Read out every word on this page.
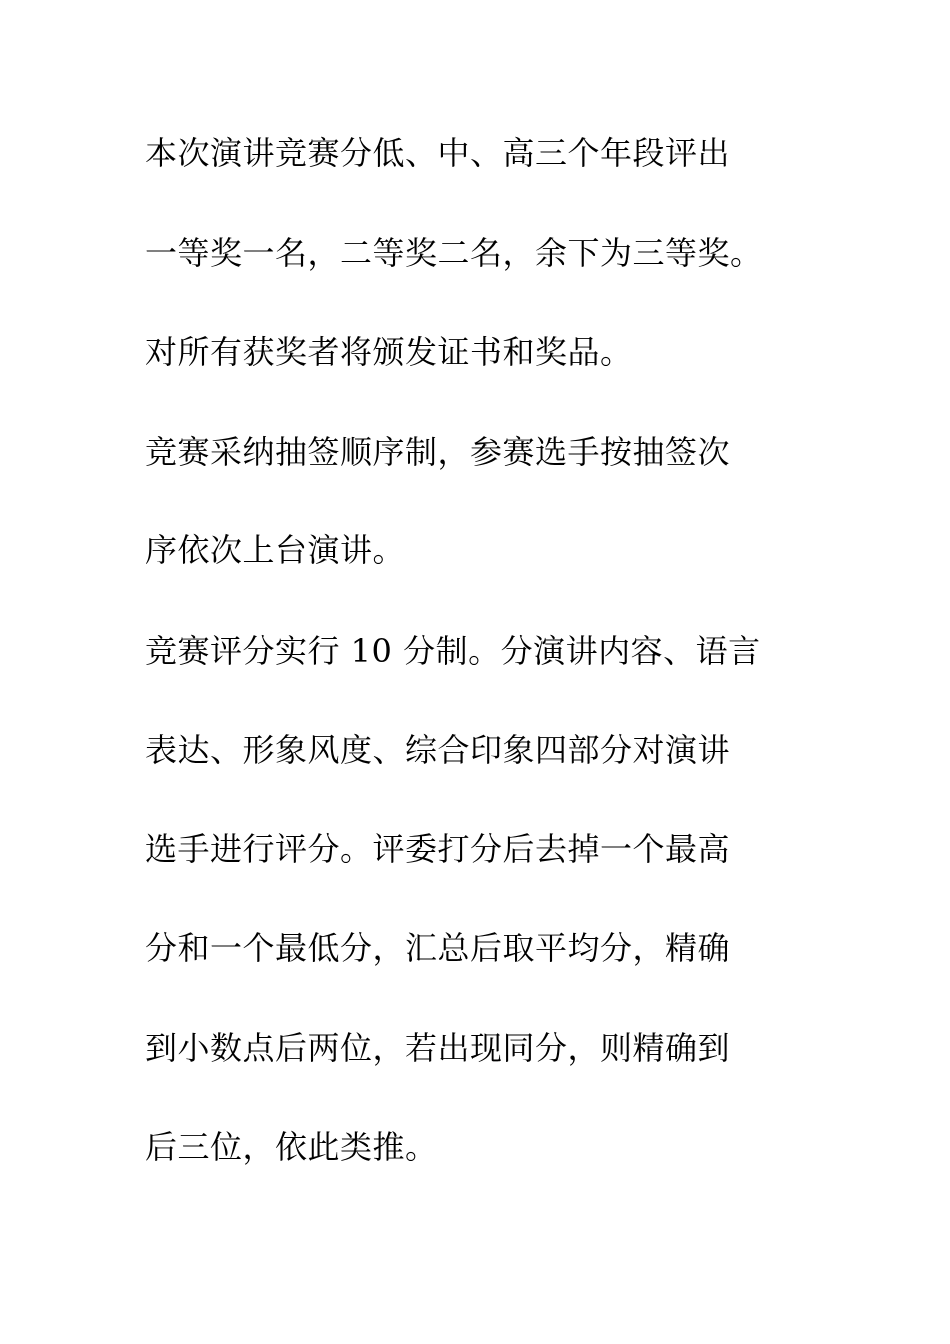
本次演讲竞赛分低、中、高三个年段评出
一等奖一名，二等奖二名，余下为三等奖。
对所有获奖者将颁发证书和奖品。
竞赛采纳抽签顺序制，参赛选手按抽签次
序依次上台演讲。
竞赛评分实行 10 分制。分演讲内容、语言
表达、形象风度、综合印象四部分对演讲
选手进行评分。评委打分后去掉一个最高
分和一个最低分，汇总后取平均分，精确
到小数点后两位，若出现同分，则精确到
后三位，依此类推。
